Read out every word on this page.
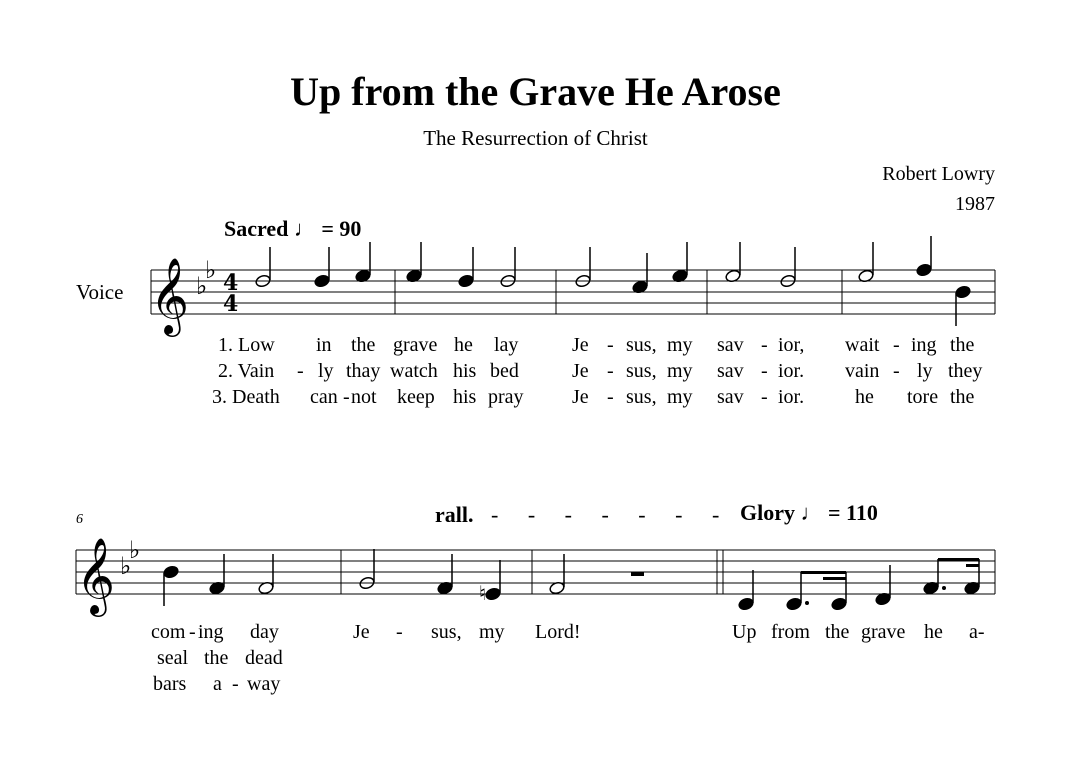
Up from the Grave He Arose
The Resurrection of Christ
Robert Lowry
1987
Sacred ♩ = 90
Glory ♩ = 110
rall. - - - - - - -
Voice
6
𝄞 ♭
♭ 4
4
𝄞 ♭
♭
♮
1. Low in the grave he lay	Je - sus, my sav - ior, wait - ing the
2. Vain - ly thay watch his bed	Je - sus, my sav - ior. vain - ly they
3. Death can - not keep his pray Je - sus, my sav - ior.	he tore the
com - ing day	Je - sus, my Lord!	Up from the grave he a-
seal the dead
bars a - way
